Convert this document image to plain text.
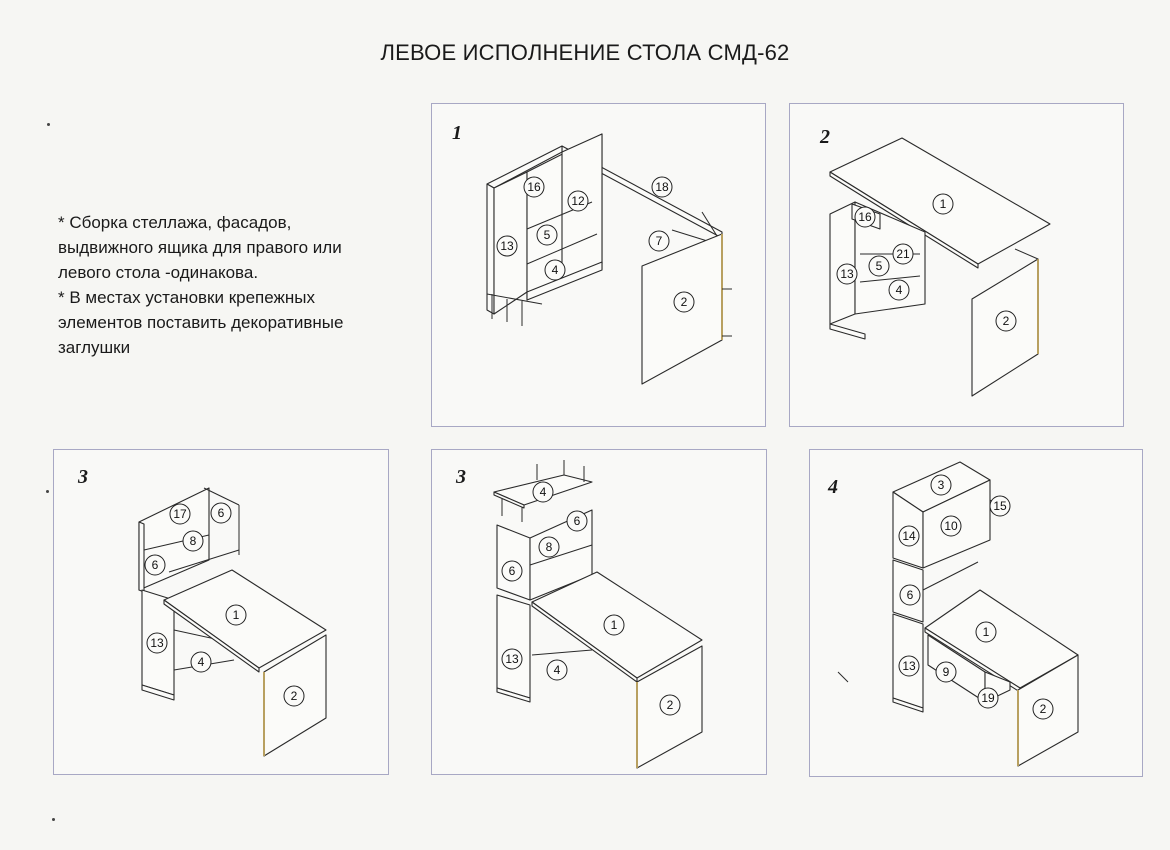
ЛЕВОЕ ИСПОЛНЕНИЕ СТОЛА СМД-62

* Сборка стеллажа, фасадов,
выдвижного ящика для правого или
левого стола -одинакова.

* В местах установки крепежных
элементов поставить декоративные
заглушки

1
16
12
18
13
5	7
4
2
2
1
16
13
5
21
4
2
3
17	6
8
6
1
13
4
2
3
4
6
8
6
1
13
4
2
4	3
15
14
10
6
1
13 9
19
2
